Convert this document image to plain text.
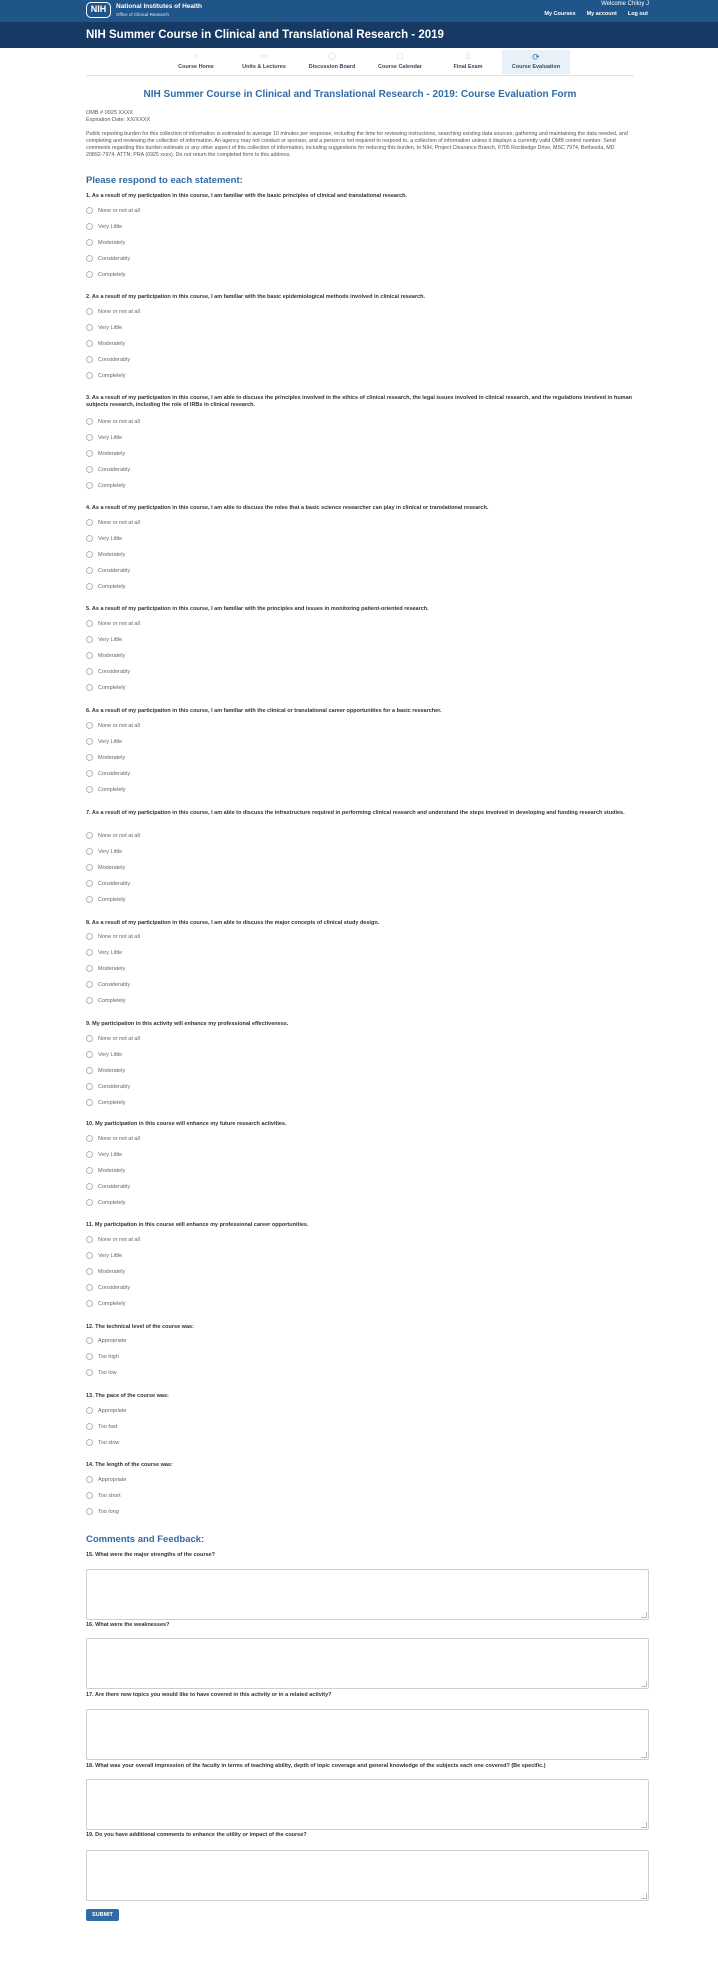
NIH	National Institutes of Health
Office of Clinical Research
Welcome Chiloy J
My Courses My account Log out
NIH Summer Course in Clinical and Translational Research - 2019
⌂
Course Home
▭
Units & Lectures
◯
Discussion Board
▢
Course Calendar
▯
Final Exam
⟳
Course Evaluation
NIH Summer Course in Clinical and Translational Research - 2019: Course Evaluation Form
OMB # 0925 XXXX
Expiration Date: XX/XXXX
Public reporting burden for this collection of information is estimated to average 10 minutes per response, including the time for reviewing instructions, searching existing data sources, gathering and maintaining the data needed, and completing and reviewing the collection of information. An agency may not conduct or sponsor, and a person is not required to respond to, a collection of information unless it displays a currently valid OMB control number. Send comments regarding this burden estimate or any other aspect of this collection of information, including suggestions for reducing this burden, to NIH, Project Clearance Branch, 6705 Rockledge Drive, MSC 7974, Bethesda, MD 20892-7974, ATTN: PRA (0925 xxxx). Do not return the completed form to this address.
Please respond to each statement:
1. As a result of my participation in this course, I am familiar with the basic principles of clinical and translational research.
None or not at all
Very Little
Moderately
Considerably
Completely
2. As a result of my participation in this course, I am familiar with the basic epidemiological methods involved in clinical research.
None or not at all
Very Little
Moderately
Considerably
Completely
3. As a result of my participation in this course, I am able to discuss the principles involved in the ethics of clinical research, the legal issues involved in clinical research, and the regulations involved in human subjects research, including the role of IRBs in clinical research.
None or not at all
Very Little
Moderately
Considerably
Completely
4. As a result of my participation in this course, I am able to discuss the roles that a basic science researcher can play in clinical or translational research.
None or not at all
Very Little
Moderately
Considerably
Completely
5. As a result of my participation in this course, I am familiar with the principles and issues in monitoring patient-oriented research.
None or not at all
Very Little
Moderately
Considerably
Completely
6. As a result of my participation in this course, I am familiar with the clinical or translational career opportunities for a basic researcher.
None or not at all
Very Little
Moderately
Considerably
Completely
7. As a result of my participation in this course, I am able to discuss the infrastructure required in performing clinical research and understand the steps involved in developing and funding research studies.
None or not at all
Very Little
Moderately
Considerably
Completely
8. As a result of my participation in this course, I am able to discuss the major concepts of clinical study design.
None or not at all
Very Little
Moderately
Considerably
Completely
9. My participation in this activity will enhance my professional effectiveness.
None or not at all
Very Little
Moderately
Considerably
Completely
10. My participation in this course will enhance my future research activities.
None or not at all
Very Little
Moderately
Considerably
Completely
11. My participation in this course will enhance my professional career opportunities.
None or not at all
Very Little
Moderately
Considerably
Completely
12. The technical level of the course was:
Appropriate
Too high
Too low
13. The pace of the course was:
Appropriate
Too fast
Too slow
14. The length of the course was:
Appropriate
Too short
Too long
Comments and Feedback:
15. What were the major strengths of the course?
16. What were the weaknesses?
17. Are there new topics you would like to have covered in this activity or in a related activity?
18. What was your overall impression of the faculty in terms of teaching ability, depth of topic coverage and general knowledge of the subjects each one covered? (Be specific.)
19. Do you have additional comments to enhance the utility or impact of the course?
SUBMIT
